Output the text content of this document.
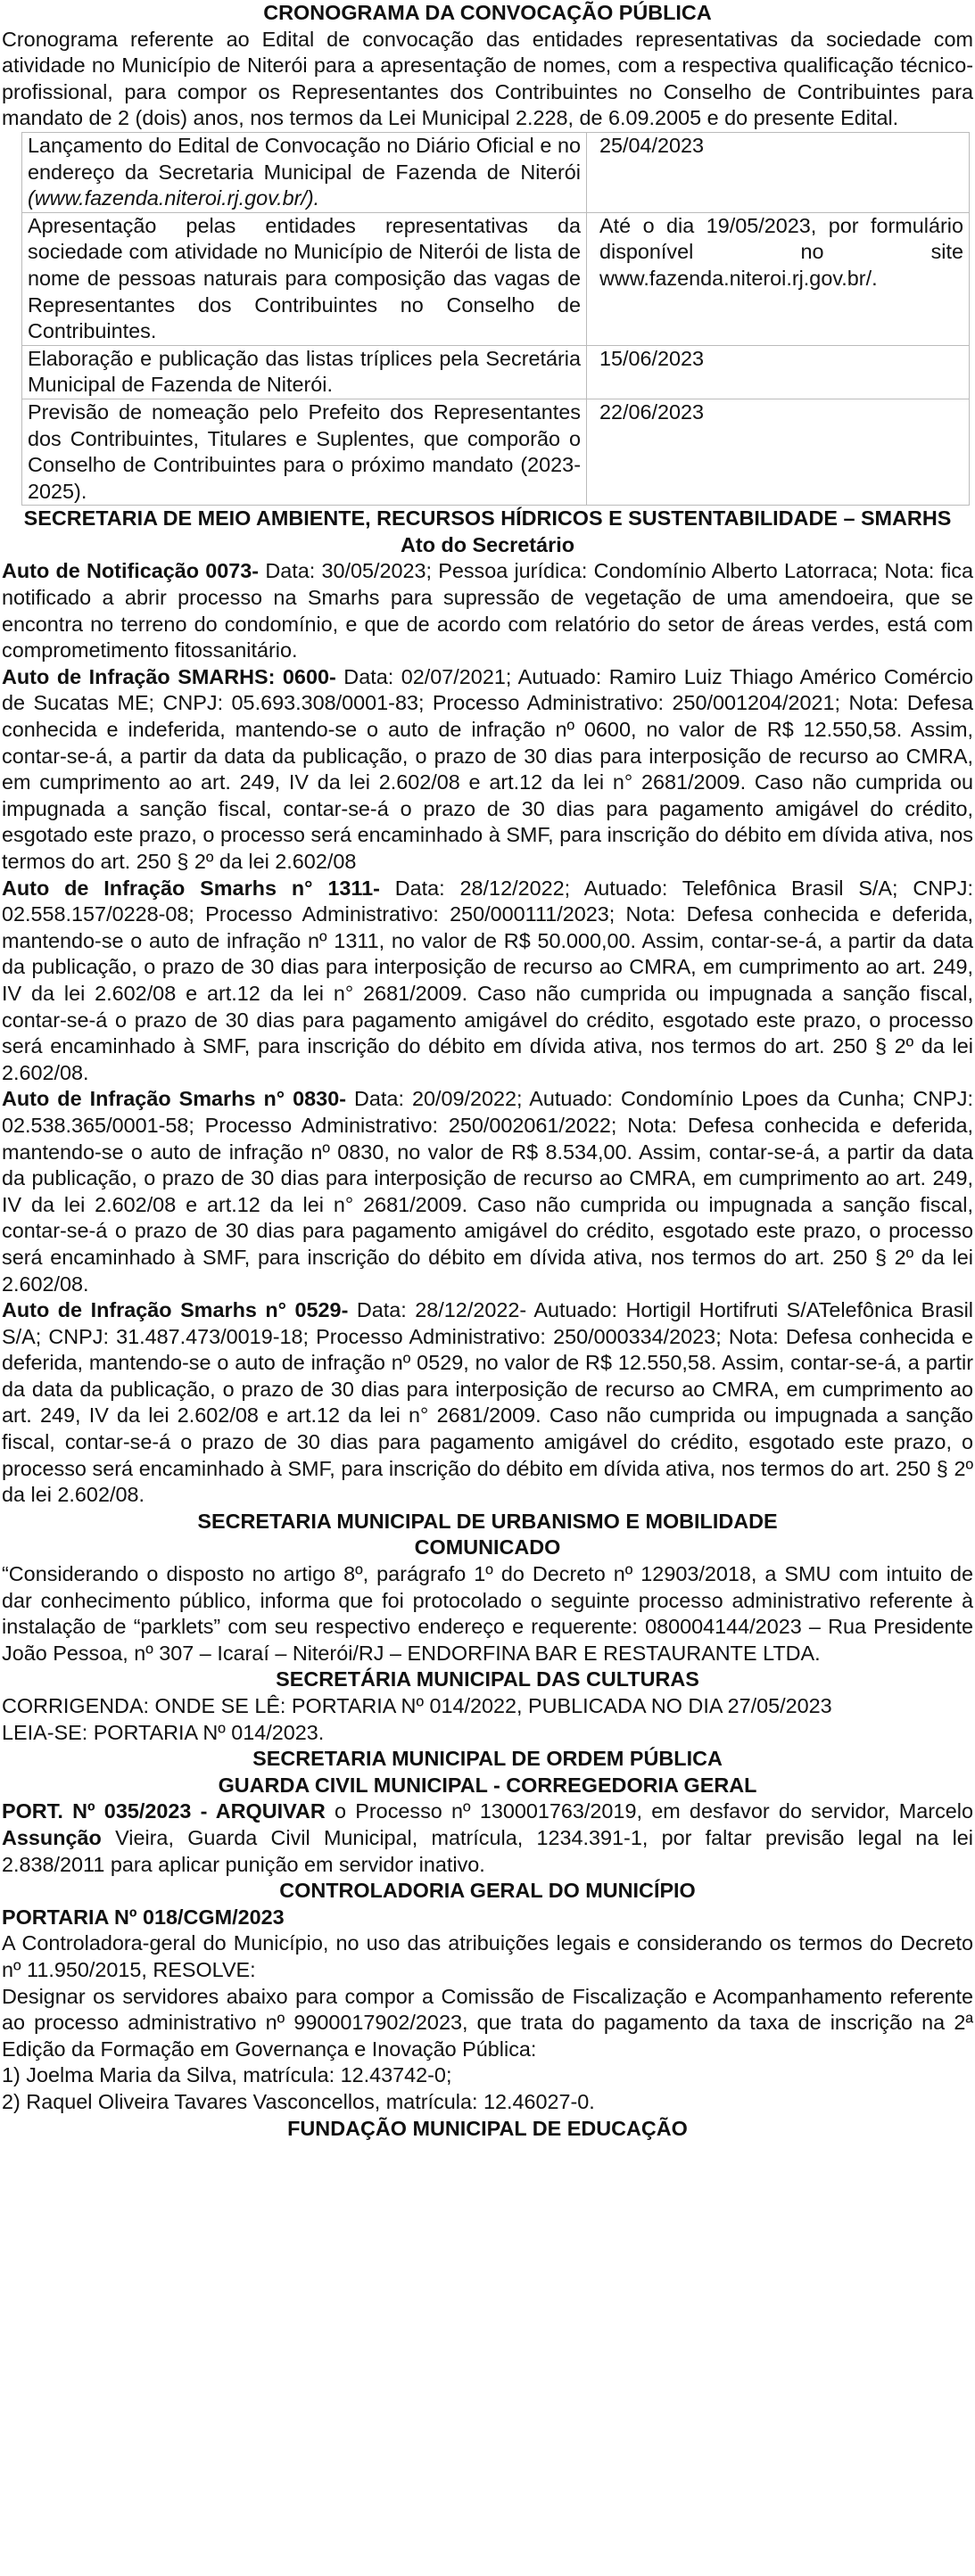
CRONOGRAMA DA CONVOCAÇÃO PÚBLICA

Cronograma referente ao Edital de convocação das entidades representativas da sociedade com atividade no Município de Niterói para a apresentação de nomes, com a respectiva qualificação técnico-profissional, para compor os Representantes dos Contribuintes no Conselho de Contribuintes para mandato de 2 (dois) anos, nos termos da Lei Municipal 2.228, de 6.09.2005 e do presente Edital.

Lançamento do Edital de Convocação no Diário Oficial e no endereço da Secretaria Municipal de Fazenda de Niterói (www.fazenda.niteroi.rj.gov.br/).	25/04/2023
Apresentação pelas entidades representativas da sociedade com atividade no Município de Niterói de lista de nome de pessoas naturais para composição das vagas de Representantes dos Contribuintes no Conselho de Contribuintes.	Até o dia 19/05/2023, por formulário disponível no site www.fazenda.niteroi.rj.gov.br/.
Elaboração e publicação das listas tríplices pela Secretária Municipal de Fazenda de Niterói.	15/06/2023
Previsão de nomeação pelo Prefeito dos Representantes dos Contribuintes, Titulares e Suplentes, que comporão o Conselho de Contribuintes para o próximo mandato (2023-2025).	22/06/2023

SECRETARIA DE MEIO AMBIENTE, RECURSOS HÍDRICOS E SUSTENTABILIDADE – SMARHS

Ato do Secretário

Auto de Notificação 0073- Data: 30/05/2023; Pessoa jurídica: Condomínio Alberto Latorraca; Nota: fica notificado a abrir processo na Smarhs para supressão de vegetação de uma amendoeira, que se encontra no terreno do condomínio, e que de acordo com relatório do setor de áreas verdes, está com comprometimento fitossanitário.

Auto de Infração SMARHS: 0600- Data: 02/07/2021; Autuado: Ramiro Luiz Thiago Américo Comércio de Sucatas ME; CNPJ: 05.693.308/0001-83; Processo Administrativo: 250/001204/2021; Nota: Defesa conhecida e indeferida, mantendo-se o auto de infração nº 0600, no valor de R$ 12.550,58. Assim, contar-se-á, a partir da data da publicação, o prazo de 30 dias para interposição de recurso ao CMRA, em cumprimento ao art. 249, IV da lei 2.602/08 e art.12 da lei n° 2681/2009. Caso não cumprida ou impugnada a sanção fiscal, contar-se-á o prazo de 30 dias para pagamento amigável do crédito, esgotado este prazo, o processo será encaminhado à SMF, para inscrição do débito em dívida ativa, nos termos do art. 250 § 2º da lei 2.602/08

Auto de Infração Smarhs n° 1311- Data: 28/12/2022; Autuado: Telefônica Brasil S/A; CNPJ: 02.558.157/0228-08; Processo Administrativo: 250/000111/2023; Nota: Defesa conhecida e deferida, mantendo-se o auto de infração nº 1311, no valor de R$ 50.000,00. Assim, contar-se-á, a partir da data da publicação, o prazo de 30 dias para interposição de recurso ao CMRA, em cumprimento ao art. 249, IV da lei 2.602/08 e art.12 da lei n° 2681/2009. Caso não cumprida ou impugnada a sanção fiscal, contar-se-á o prazo de 30 dias para pagamento amigável do crédito, esgotado este prazo, o processo será encaminhado à SMF, para inscrição do débito em dívida ativa, nos termos do art. 250 § 2º da lei 2.602/08.

Auto de Infração Smarhs n° 0830- Data: 20/09/2022; Autuado: Condomínio Lpoes da Cunha; CNPJ: 02.538.365/0001-58; Processo Administrativo: 250/002061/2022; Nota: Defesa conhecida e deferida, mantendo-se o auto de infração nº 0830, no valor de R$ 8.534,00. Assim, contar-se-á, a partir da data da publicação, o prazo de 30 dias para interposição de recurso ao CMRA, em cumprimento ao art. 249, IV da lei 2.602/08 e art.12 da lei n° 2681/2009. Caso não cumprida ou impugnada a sanção fiscal, contar-se-á o prazo de 30 dias para pagamento amigável do crédito, esgotado este prazo, o processo será encaminhado à SMF, para inscrição do débito em dívida ativa, nos termos do art. 250 § 2º da lei 2.602/08.

Auto de Infração Smarhs n° 0529- Data: 28/12/2022- Autuado: Hortigil Hortifruti S/ATelefônica Brasil S/A; CNPJ: 31.487.473/0019-18; Processo Administrativo: 250/000334/2023; Nota: Defesa conhecida e deferida, mantendo-se o auto de infração nº 0529, no valor de R$ 12.550,58. Assim, contar-se-á, a partir da data da publicação, o prazo de 30 dias para interposição de recurso ao CMRA, em cumprimento ao art. 249, IV da lei 2.602/08 e art.12 da lei n° 2681/2009. Caso não cumprida ou impugnada a sanção fiscal, contar-se-á o prazo de 30 dias para pagamento amigável do crédito, esgotado este prazo, o processo será encaminhado à SMF, para inscrição do débito em dívida ativa, nos termos do art. 250 § 2º da lei 2.602/08.

SECRETARIA MUNICIPAL DE URBANISMO E MOBILIDADE

COMUNICADO

“Considerando o disposto no artigo 8º, parágrafo 1º do Decreto nº 12903/2018, a SMU com intuito de dar conhecimento público, informa que foi protocolado o seguinte processo administrativo referente à instalação de “parklets” com seu respectivo endereço e requerente: 080004144/2023 – Rua Presidente João Pessoa, nº 307 – Icaraí – Niterói/RJ – ENDORFINA BAR E RESTAURANTE LTDA.

SECRETÁRIA MUNICIPAL DAS CULTURAS

CORRIGENDA: ONDE SE LÊ: PORTARIA Nº 014/2022, PUBLICADA NO DIA 27/05/2023

LEIA-SE: PORTARIA Nº 014/2023.

SECRETARIA MUNICIPAL DE ORDEM PÚBLICA

GUARDA CIVIL MUNICIPAL - CORREGEDORIA GERAL

PORT. Nº 035/2023 - ARQUIVAR o Processo nº 130001763/2019, em desfavor do servidor, Marcelo Assunção Vieira, Guarda Civil Municipal, matrícula, 1234.391-1, por faltar previsão legal na lei 2.838/2011 para aplicar punição em servidor inativo.

CONTROLADORIA GERAL DO MUNICÍPIO

PORTARIA Nº 018/CGM/2023

A Controladora-geral do Município, no uso das atribuições legais e considerando os termos do Decreto nº 11.950/2015, RESOLVE:

Designar os servidores abaixo para compor a Comissão de Fiscalização e Acompanhamento referente ao processo administrativo nº 9900017902/2023, que trata do pagamento da taxa de inscrição na 2ª Edição da Formação em Governança e Inovação Pública:

1) Joelma Maria da Silva, matrícula: 12.43742-0;

2) Raquel Oliveira Tavares Vasconcellos, matrícula: 12.46027-0.

FUNDAÇÃO MUNICIPAL DE EDUCAÇÃO
